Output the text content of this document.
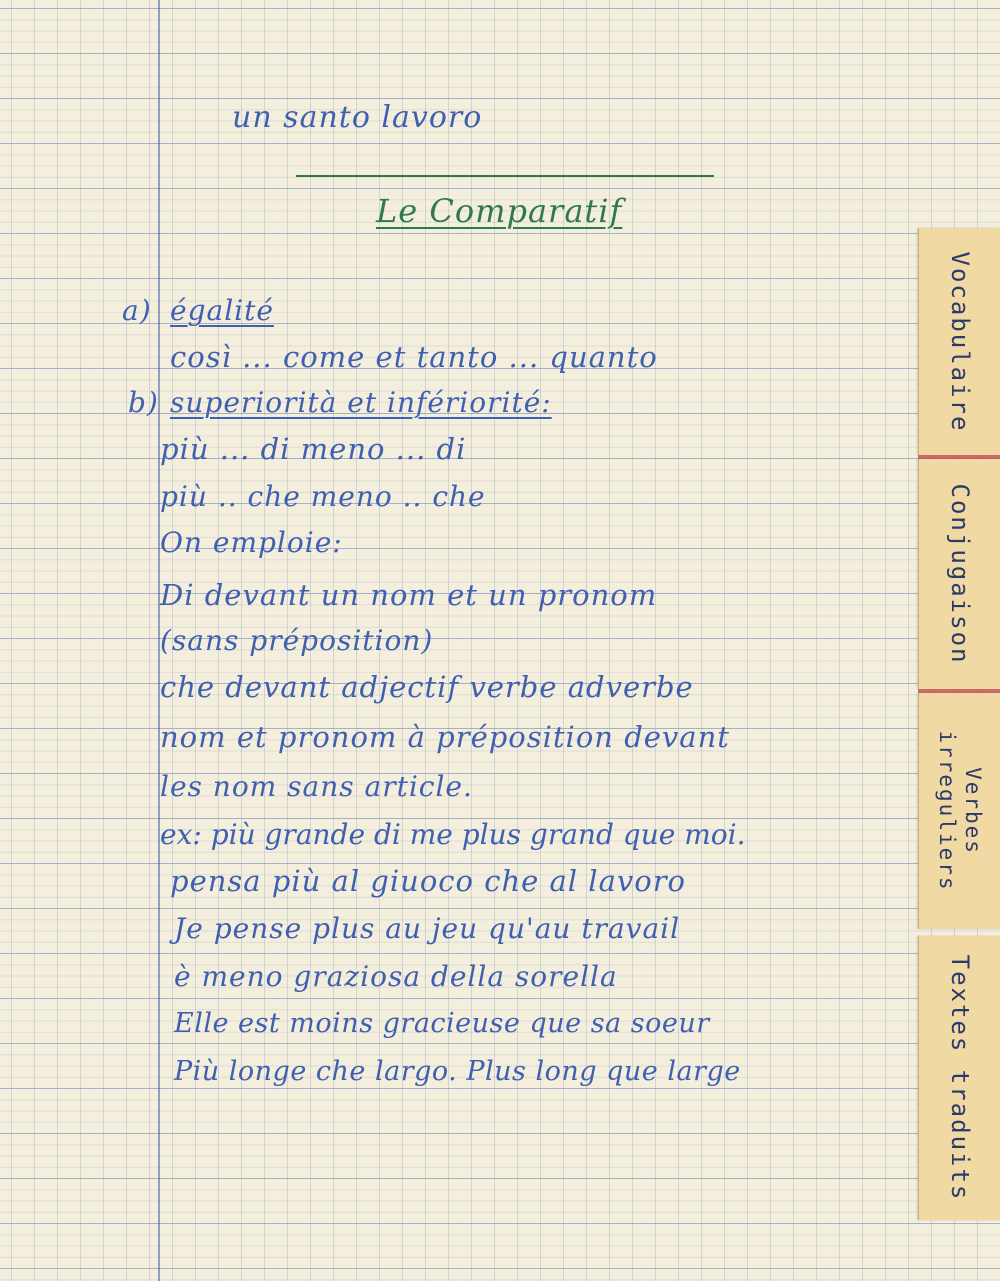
un santo lavoro
Le Comparatif
a) égalité
così ... come et tanto ... quanto
b) superiorità et infériorité:
più ... di meno ... di
più .. che meno .. che
On emploie:
Di devant un nom et un pronom
(sans préposition)
che devant adjectif verbe adverbe
nom et pronom à préposition devant
les nom sans article.
ex: più grande di me plus grand que moi.
pensa più al giuoco che al lavoro
Je pense plus au jeu qu'au travail
è meno graziosa della sorella
Elle est moins gracieuse que sa soeur
Più longe che largo. Plus long que large
Vocabulaire
Conjugaison
Verbes
irreguliers
Textes traduits
